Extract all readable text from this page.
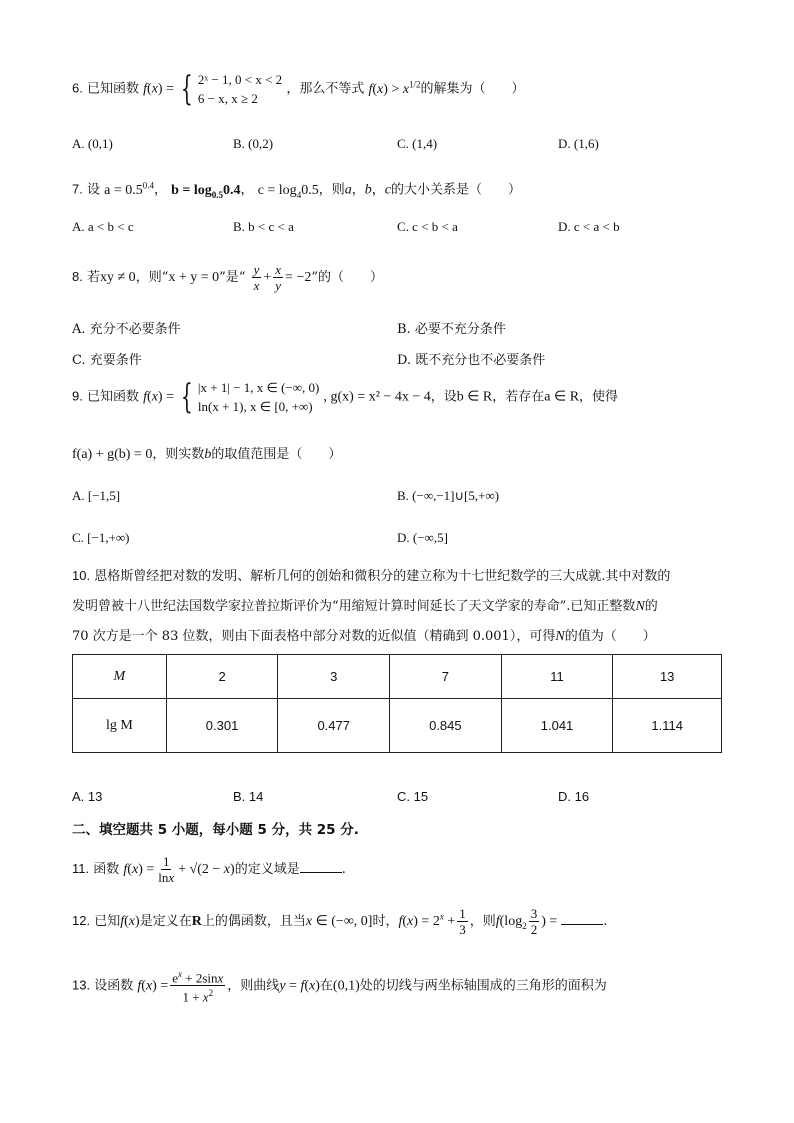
6. 已知函数 f(x) = { 2ˣ − 1, 0 < x < 2
6 − x, x ≥ 2
，那么不等式 $f(x) > x^{1/2}$的解集为（　　）
A. (0,1)	B. (0,2)	C. (1,4)	D. (1,6)
7. 设 $a = 0.5^{0.4}$， $b = \log_{0.5}0.4$， $c = \log_40.5$，则a，b，c的大小关系是（　　）
A. a < b < c	B. b < c < a	C. c < b < a	D. c < a < b
8. 若xy ≠ 0，则“x + y = 0”是“ $\frac{y}{x} + \frac{x}{y} = -2$”的（　　）
A. 充分不必要条件	B. 必要不充分条件
C. 充要条件	D. 既不充分也不必要条件
9. 已知函数 f(x) = { |x + 1| − 1, x ∈ (−∞, 0)
ln(x + 1), x ∈ [0, +∞)
, g(x) = x² − 4x − 4，设b ∈ R，若存在a ∈ R，使得
f(a) + g(b) = 0，则实数b的取值范围是（　　）
A. [−1,5]	B. (−∞,−1]∪[5,+∞)
C. [−1,+∞)	D. (−∞,5]
10. 恩格斯曾经把对数的发明、解析几何的创始和微积分的建立称为十七世纪数学的三大成就.其中对数的
发明曾被十八世纪法国数学家拉普拉斯评价为“用缩短计算时间延长了天文学家的寿命”.已知正整数N的
70 次方是一个 83 位数，则由下面表格中部分对数的近似值（精确到 0.001），可得N的值为（　　）
M	2	3	7	11	13
lg M	0.301	0.477	0.845	1.041	1.114
A. 13	B. 14	C. 15	D. 16
二、填空题共 5 小题，每小题 5 分，共 25 分.
11. 函数 $f(x) = \frac{1}{\ln x} + √(2 - x)$的定义域是	.
12. 已知f(x)是定义在R上的偶函数，且当x ∈ (−∞, 0]时，$f(x) = 2^x + \frac{1}{3}$ ，则$f(\log_2 \frac{3}{2}$ ) =	.
13. 设函数 $f(x) = \frac{e^x + 2\sin x}{1 + x^2}$ ，则曲线y = f(x)在(0,1)处的切线与两坐标轴围成的三角形的面积为
